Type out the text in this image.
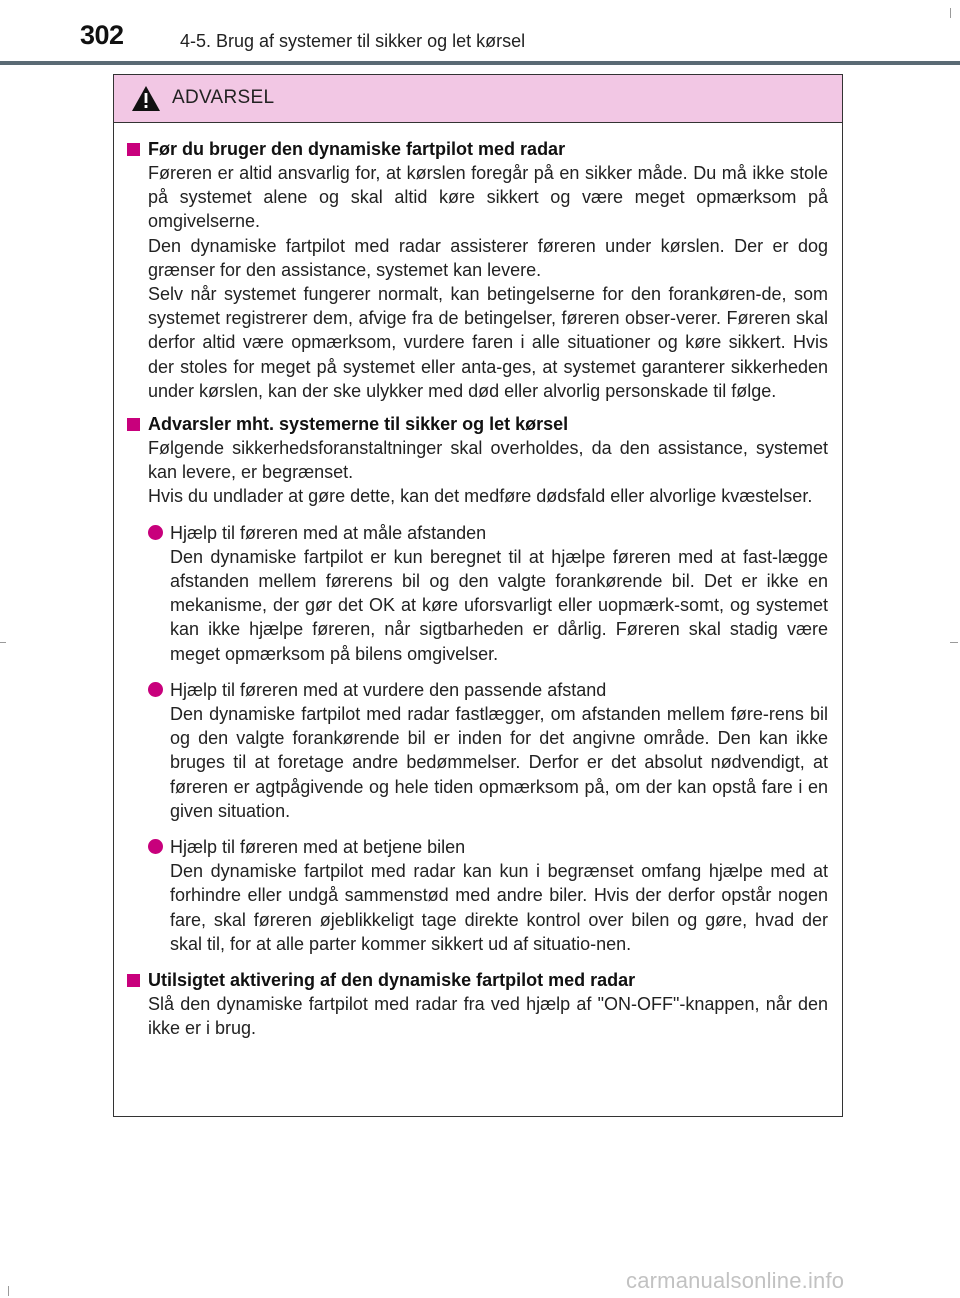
302	4-5. Brug af systemer til sikker og let kørsel
ADVARSEL
Før du bruger den dynamiske fartpilot med radar

Føreren er altid ansvarlig for, at kørslen foregår på en sikker måde. Du må ikke stole på systemet alene og skal altid køre sikkert og være meget opmærksom på omgivelserne.

Den dynamiske fartpilot med radar assisterer føreren under kørslen. Der er dog grænser for den assistance, systemet kan levere.

Selv når systemet fungerer normalt, kan betingelserne for den forankøren-de, som systemet registrerer dem, afvige fra de betingelser, føreren obser-verer. Føreren skal derfor altid være opmærksom, vurdere faren i alle situationer og køre sikkert. Hvis der stoles for meget på systemet eller anta-ges, at systemet garanterer sikkerheden under kørslen, kan der ske ulykker med død eller alvorlig personskade til følge.

Advarsler mht. systemerne til sikker og let kørsel

Følgende sikkerhedsforanstaltninger skal overholdes, da den assistance, systemet kan levere, er begrænset.

Hvis du undlader at gøre dette, kan det medføre dødsfald eller alvorlige kvæstelser.

Hjælp til føreren med at måle afstanden

Den dynamiske fartpilot er kun beregnet til at hjælpe føreren med at fast-lægge afstanden mellem førerens bil og den valgte forankørende bil. Det er ikke en mekanisme, der gør det OK at køre uforsvarligt eller uopmærk-somt, og systemet kan ikke hjælpe føreren, når sigtbarheden er dårlig. Føreren skal stadig være meget opmærksom på bilens omgivelser.

Hjælp til føreren med at vurdere den passende afstand

Den dynamiske fartpilot med radar fastlægger, om afstanden mellem føre-rens bil og den valgte forankørende bil er inden for det angivne område. Den kan ikke bruges til at foretage andre bedømmelser. Derfor er det absolut nødvendigt, at føreren er agtpågivende og hele tiden opmærksom på, om der kan opstå fare i en given situation.

Hjælp til føreren med at betjene bilen

Den dynamiske fartpilot med radar kan kun i begrænset omfang hjælpe med at forhindre eller undgå sammenstød med andre biler. Hvis der derfor opstår nogen fare, skal føreren øjeblikkeligt tage direkte kontrol over bilen og gøre, hvad der skal til, for at alle parter kommer sikkert ud af situatio-nen.

Utilsigtet aktivering af den dynamiske fartpilot med radar

Slå den dynamiske fartpilot med radar fra ved hjælp af "ON-OFF"-knappen, når den ikke er i brug.

carmanualsonline.info
